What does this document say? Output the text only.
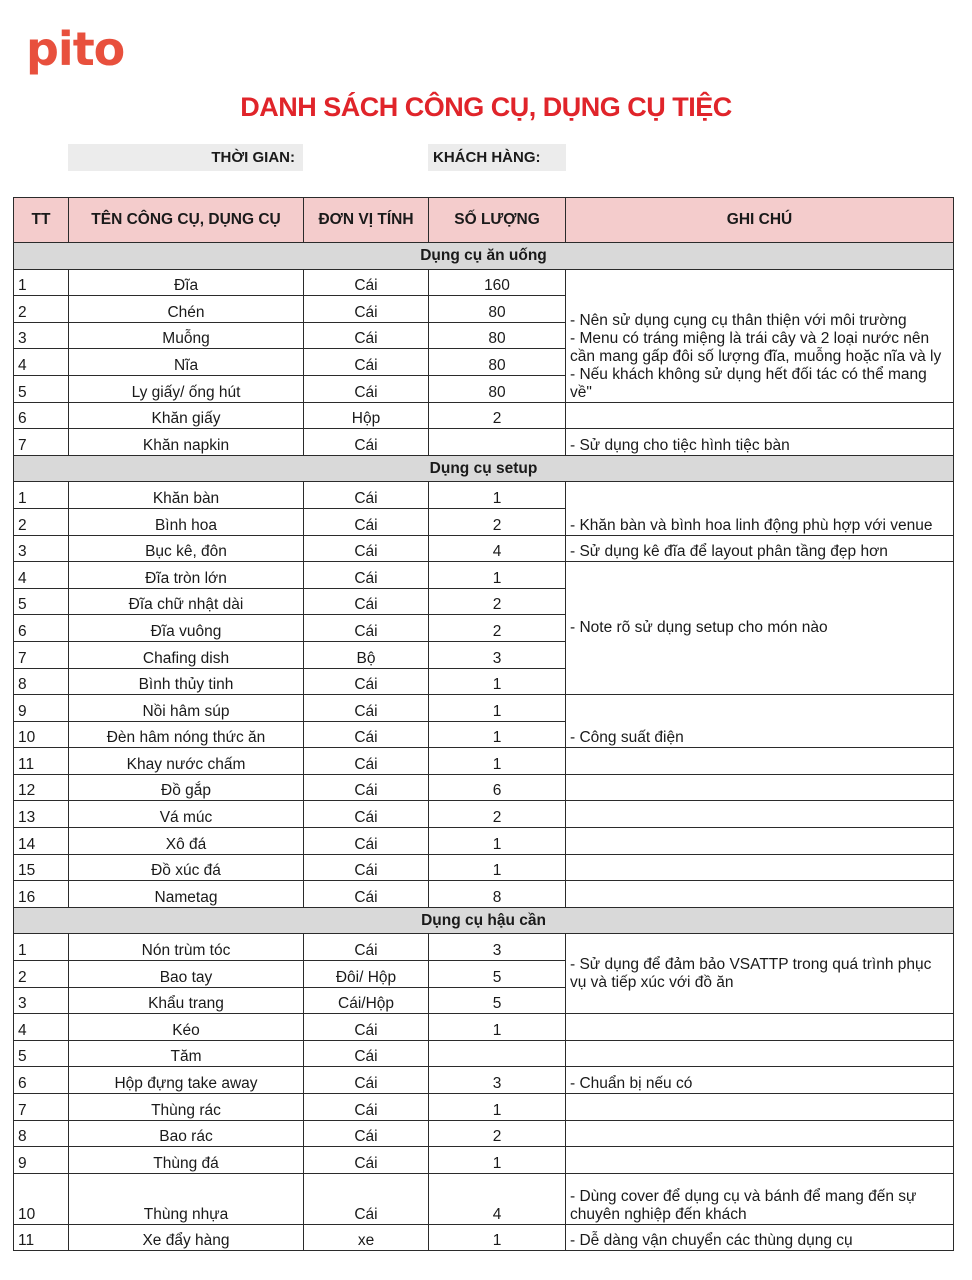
pito
DANH SÁCH CÔNG CỤ, DỤNG CỤ TIỆC
THỜI GIAN:	KHÁCH HÀNG:
TT	TÊN CÔNG CỤ, DỤNG CỤ	ĐƠN VỊ TÍNH	SỐ LƯỢNG	GHI CHÚ
Dụng cụ ăn uống				
1	Đĩa	Cái	160	- Nên sử dụng cụng cụ thân thiện với môi trường
- Menu có tráng miệng là trái cây và 2 loại nước nên cần mang gấp đôi số lượng đĩa, muỗng hoặc nĩa và ly
- Nếu khách không sử dụng hết đối tác có thể mang về"

2	Chén	Cái	80	
3	Muỗng	Cái	80	
4	Nĩa	Cái	80	
5	Ly giấy/ ống hút	Cái	80	
6	Khăn giấy	Hộp	2	
7	Khăn napkin	Cái		- Sử dụng cho tiệc hình tiệc bàn

Dụng cụ setup				
1	Khăn bàn	Cái	1	- Khăn bàn và bình hoa linh động phù hợp với venue

2	Bình hoa	Cái	2	
3	Bục kê, đôn	Cái	4	- Sử dụng kê đĩa để layout phân tầng đẹp hơn

4	Đĩa tròn lớn	Cái	1	- Note rõ sử dụng setup cho món nào

5	Đĩa chữ nhật dài	Cái	2	
6	Đĩa vuông	Cái	2	
7	Chafing dish	Bộ	3	
8	Bình thủy tinh	Cái	1	
9	Nồi hâm súp	Cái	1	- Công suất điện

10	Đèn hâm nóng thức ăn	Cái	1	
11	Khay nước chấm	Cái	1	
12	Đồ gắp	Cái	6	
13	Vá múc	Cái	2	
14	Xô đá	Cái	1	
15	Đồ xúc đá	Cái	1	
16	Nametag	Cái	8	
Dụng cụ hậu cần				
1	Nón trùm tóc	Cái	3	- Sử dụng để đảm bảo VSATTP trong quá trình phục vụ và tiếp xúc với đồ ăn

2	Bao tay	Đôi/ Hộp	5	
3	Khẩu trang	Cái/Hộp	5	
4	Kéo	Cái	1	
5	Tăm	Cái		
6	Hộp đựng take away	Cái	3	- Chuẩn bị nếu có

7	Thùng rác	Cái	1	
8	Bao rác	Cái	2	
9	Thùng đá	Cái	1	
10	Thùng nhựa	Cái	4	- Dùng cover để dụng cụ và bánh để mang đến sự chuyên nghiệp đến khách

11	Xe đẩy hàng	xe	1	- Dễ dàng vận chuyển các thùng dụng cụ
